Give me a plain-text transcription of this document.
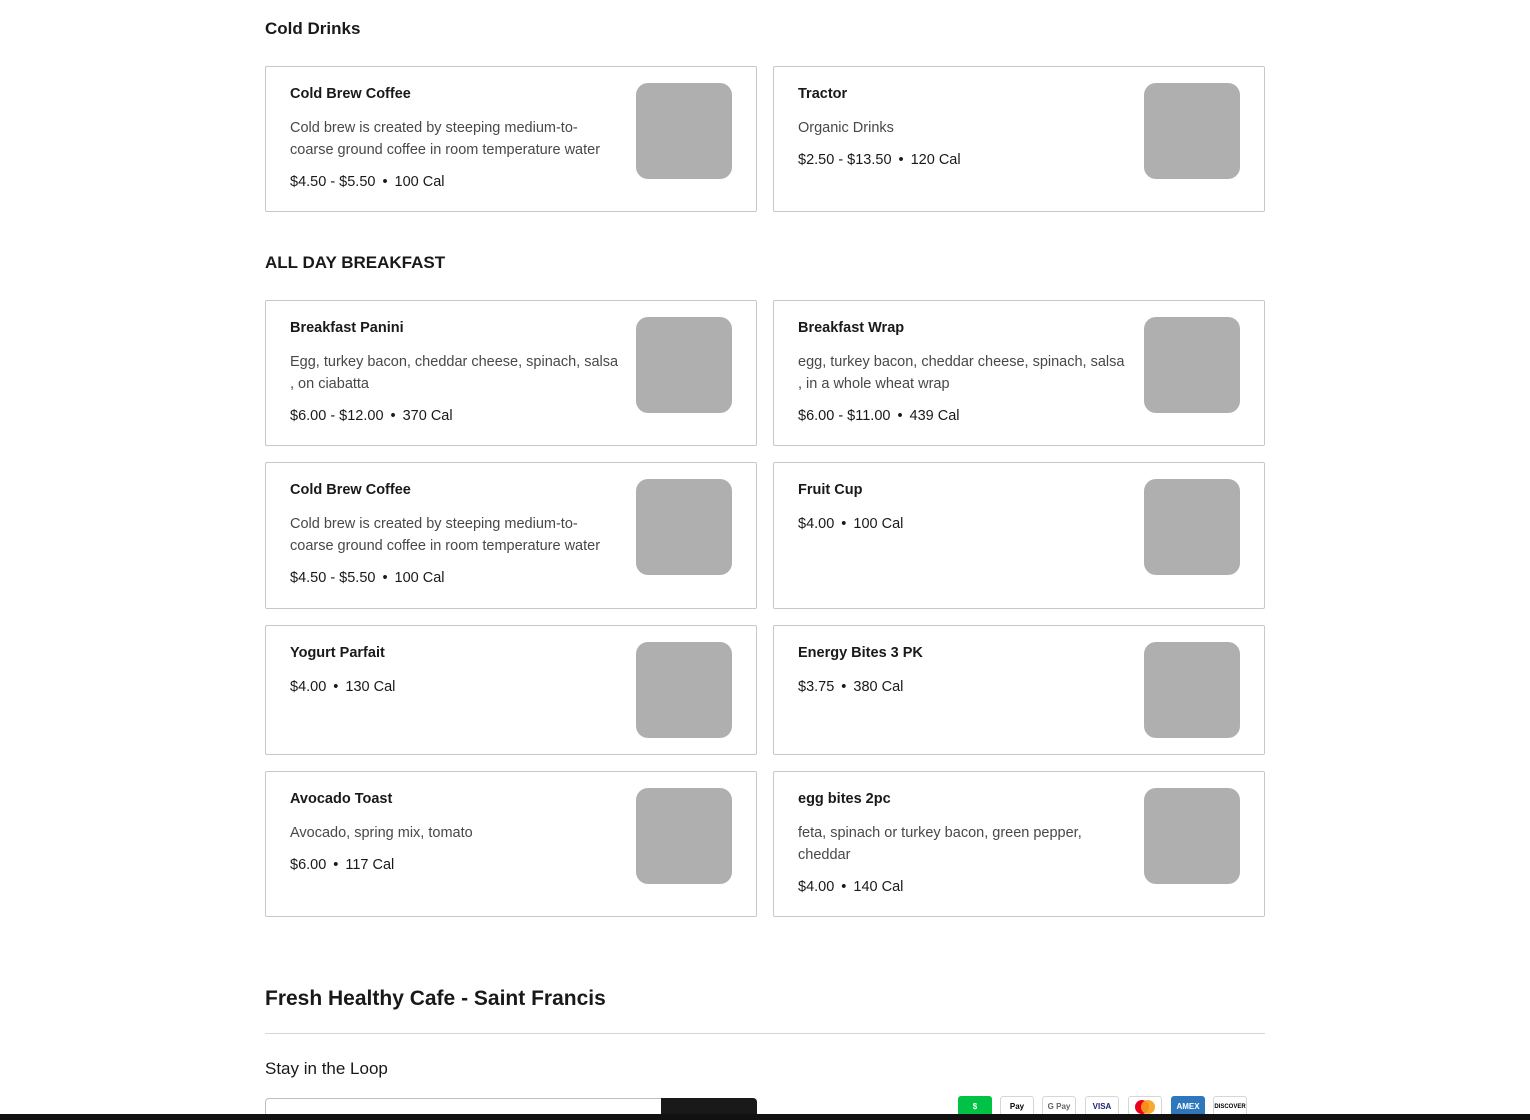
Cold Drinks
Cold Brew Coffee
Cold brew is created by steeping medium-to-coarse ground coffee in room temperature water
$4.50 - $5.50 • 100 Cal
Tractor
Organic Drinks
$2.50 - $13.50 • 120 Cal
ALL DAY BREAKFAST
Breakfast Panini
Egg, turkey bacon, cheddar cheese, spinach, salsa , on ciabatta
$6.00 - $12.00 • 370 Cal
Breakfast Wrap
egg, turkey bacon, cheddar cheese, spinach, salsa , in a whole wheat wrap
$6.00 - $11.00 • 439 Cal
Cold Brew Coffee
Cold brew is created by steeping medium-to-coarse ground coffee in room temperature water
$4.50 - $5.50 • 100 Cal
Fruit Cup
$4.00 • 100 Cal
Yogurt Parfait
$4.00 • 130 Cal
Energy Bites 3 PK
$3.75 • 380 Cal
Avocado Toast
Avocado, spring mix, tomato
$6.00 • 117 Cal
egg bites 2pc
feta, spinach or turkey bacon, green pepper, cheddar
$4.00 • 140 Cal
Fresh Healthy Cafe - Saint Francis
Stay in the Loop
$	Pay	G Pay	VISA	AMEX	DISCOVER
